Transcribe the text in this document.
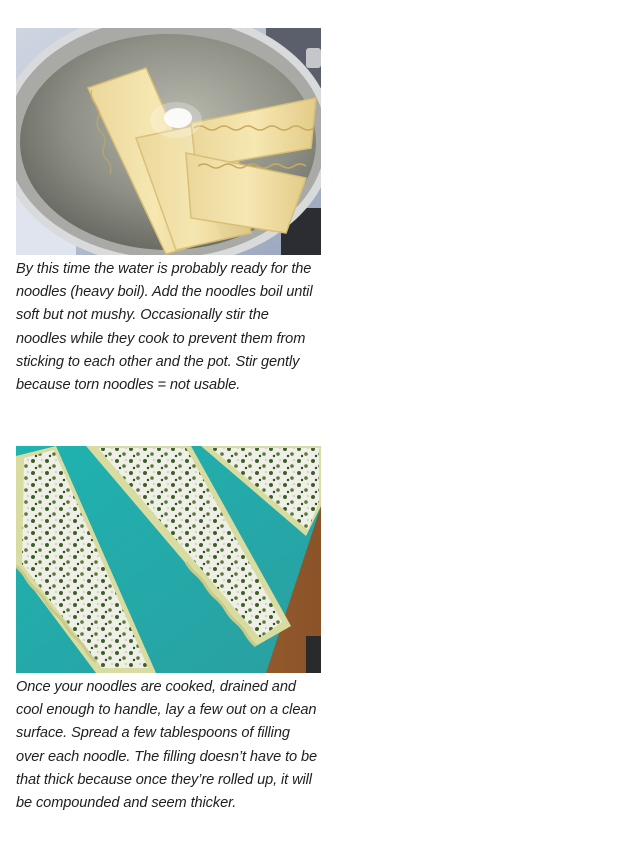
By this time the water is probably ready for the noodles (heavy boil). Add the noodles boil until soft but not mushy. Occasionally stir the noodles while they cook to prevent them from sticking to each other and the pot. Stir gently because torn noodles = not usable.

Once your noodles are cooked, drained and cool enough to handle, lay a few out on a clean surface. Spread a few tablespoons of filling over each noodle. The filling doesn’t have to be that thick because once they’re rolled up, it will be compounded and seem thicker.
